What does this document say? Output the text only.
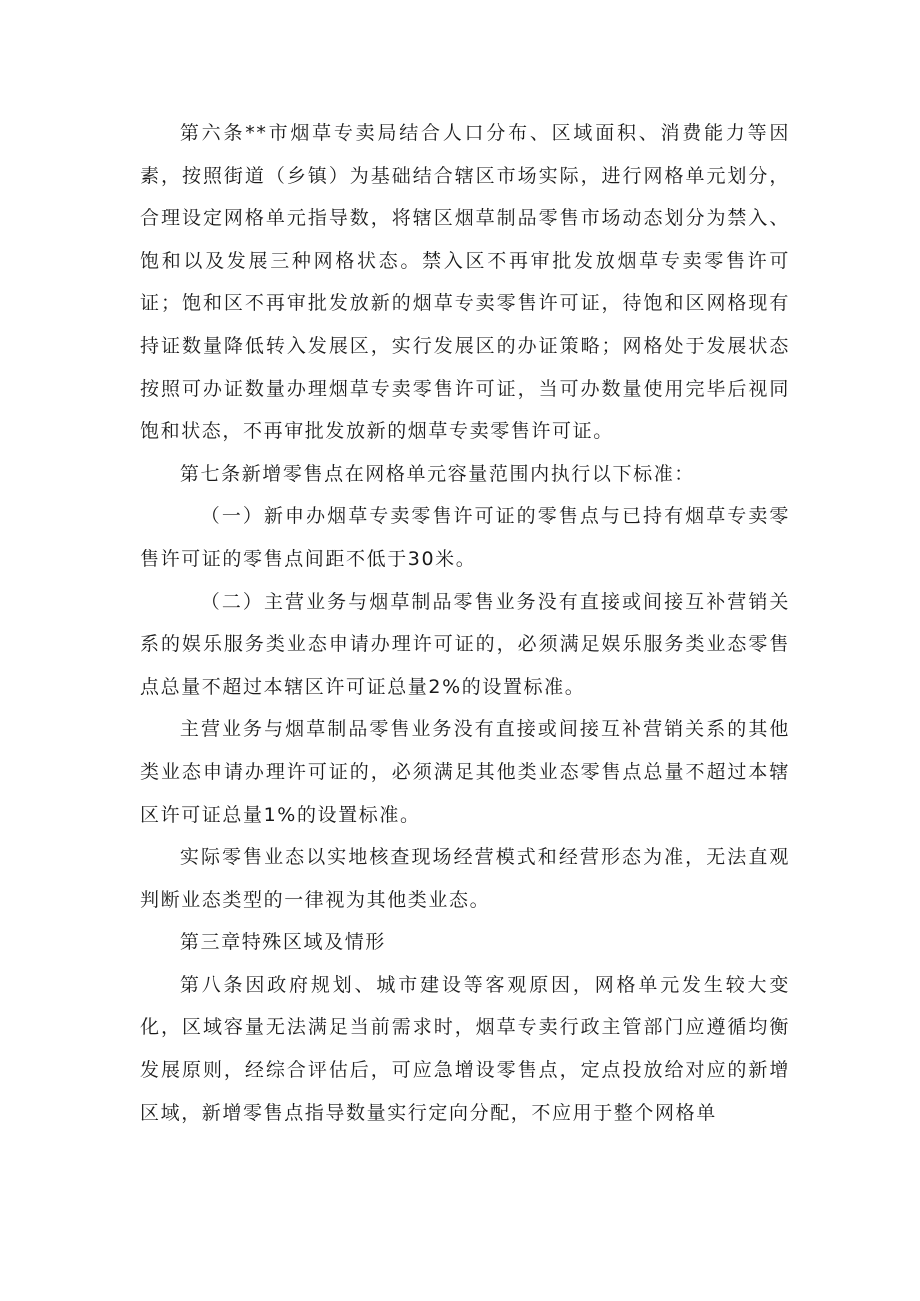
第六条**市烟草专卖局结合人口分布、区域面积、消费能力等因素，按照街道（乡镇）为基础结合辖区市场实际，进行网格单元划分，合理设定网格单元指导数，将辖区烟草制品零售市场动态划分为禁入、饱和以及发展三种网格状态。禁入区不再审批发放烟草专卖零售许可证；饱和区不再审批发放新的烟草专卖零售许可证，待饱和区网格现有持证数量降低转入发展区，实行发展区的办证策略；网格处于发展状态按照可办证数量办理烟草专卖零售许可证，当可办数量使用完毕后视同饱和状态，不再审批发放新的烟草专卖零售许可证。

第七条新增零售点在网格单元容量范围内执行以下标准：

（一）新申办烟草专卖零售许可证的零售点与已持有烟草专卖零售许可证的零售点间距不低于30米。

（二）主营业务与烟草制品零售业务没有直接或间接互补营销关系的娱乐服务类业态申请办理许可证的，必须满足娱乐服务类业态零售点总量不超过本辖区许可证总量2%的设置标准。

主营业务与烟草制品零售业务没有直接或间接互补营销关系的其他类业态申请办理许可证的，必须满足其他类业态零售点总量不超过本辖区许可证总量1%的设置标准。

实际零售业态以实地核查现场经营模式和经营形态为准，无法直观判断业态类型的一律视为其他类业态。

第三章特殊区域及情形

第八条因政府规划、城市建设等客观原因，网格单元发生较大变化，区域容量无法满足当前需求时，烟草专卖行政主管部门应遵循均衡发展原则，经综合评估后，可应急增设零售点，定点投放给对应的新增区域，新增零售点指导数量实行定向分配，不应用于整个网格单
